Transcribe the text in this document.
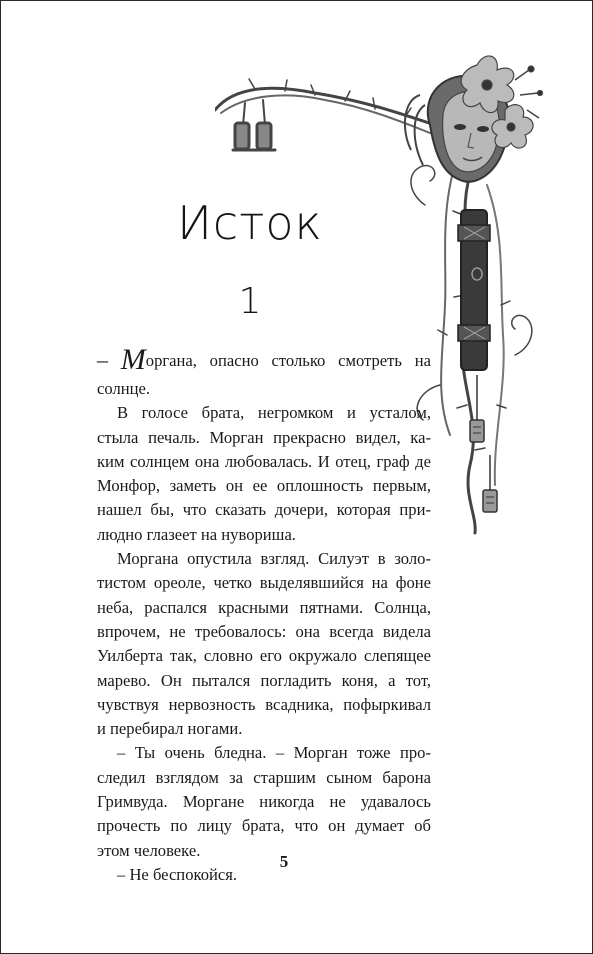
Исток
1
– Моргана, опасно столько смотреть на
солнце.
В голосе брата, негромком и усталом,
стыла печаль. Морган прекрасно видел, ка-
ким солнцем она любовалась. И отец, граф де
Монфор, заметь он ее оплошность первым,
нашел бы, что сказать дочери, которая при-
людно глазеет на нувориша.
Моргана опустила взгляд. Силуэт в золо-
тистом ореоле, четко выделявшийся на фоне
неба, распался красными пятнами. Солнца,
впрочем, не требовалось: она всегда видела
Уилберта так, словно его окружало слепящее
марево. Он пытался погладить коня, а тот,
чувствуя нервозность всадника, пофыркивал
и перебирал ногами.
– Ты очень бледна. – Морган тоже про-
следил взглядом за старшим сыном барона
Гримвуда. Моргане никогда не удавалось
прочесть по лицу брата, что он думает об
этом человеке.
– Не беспокойся.
5
